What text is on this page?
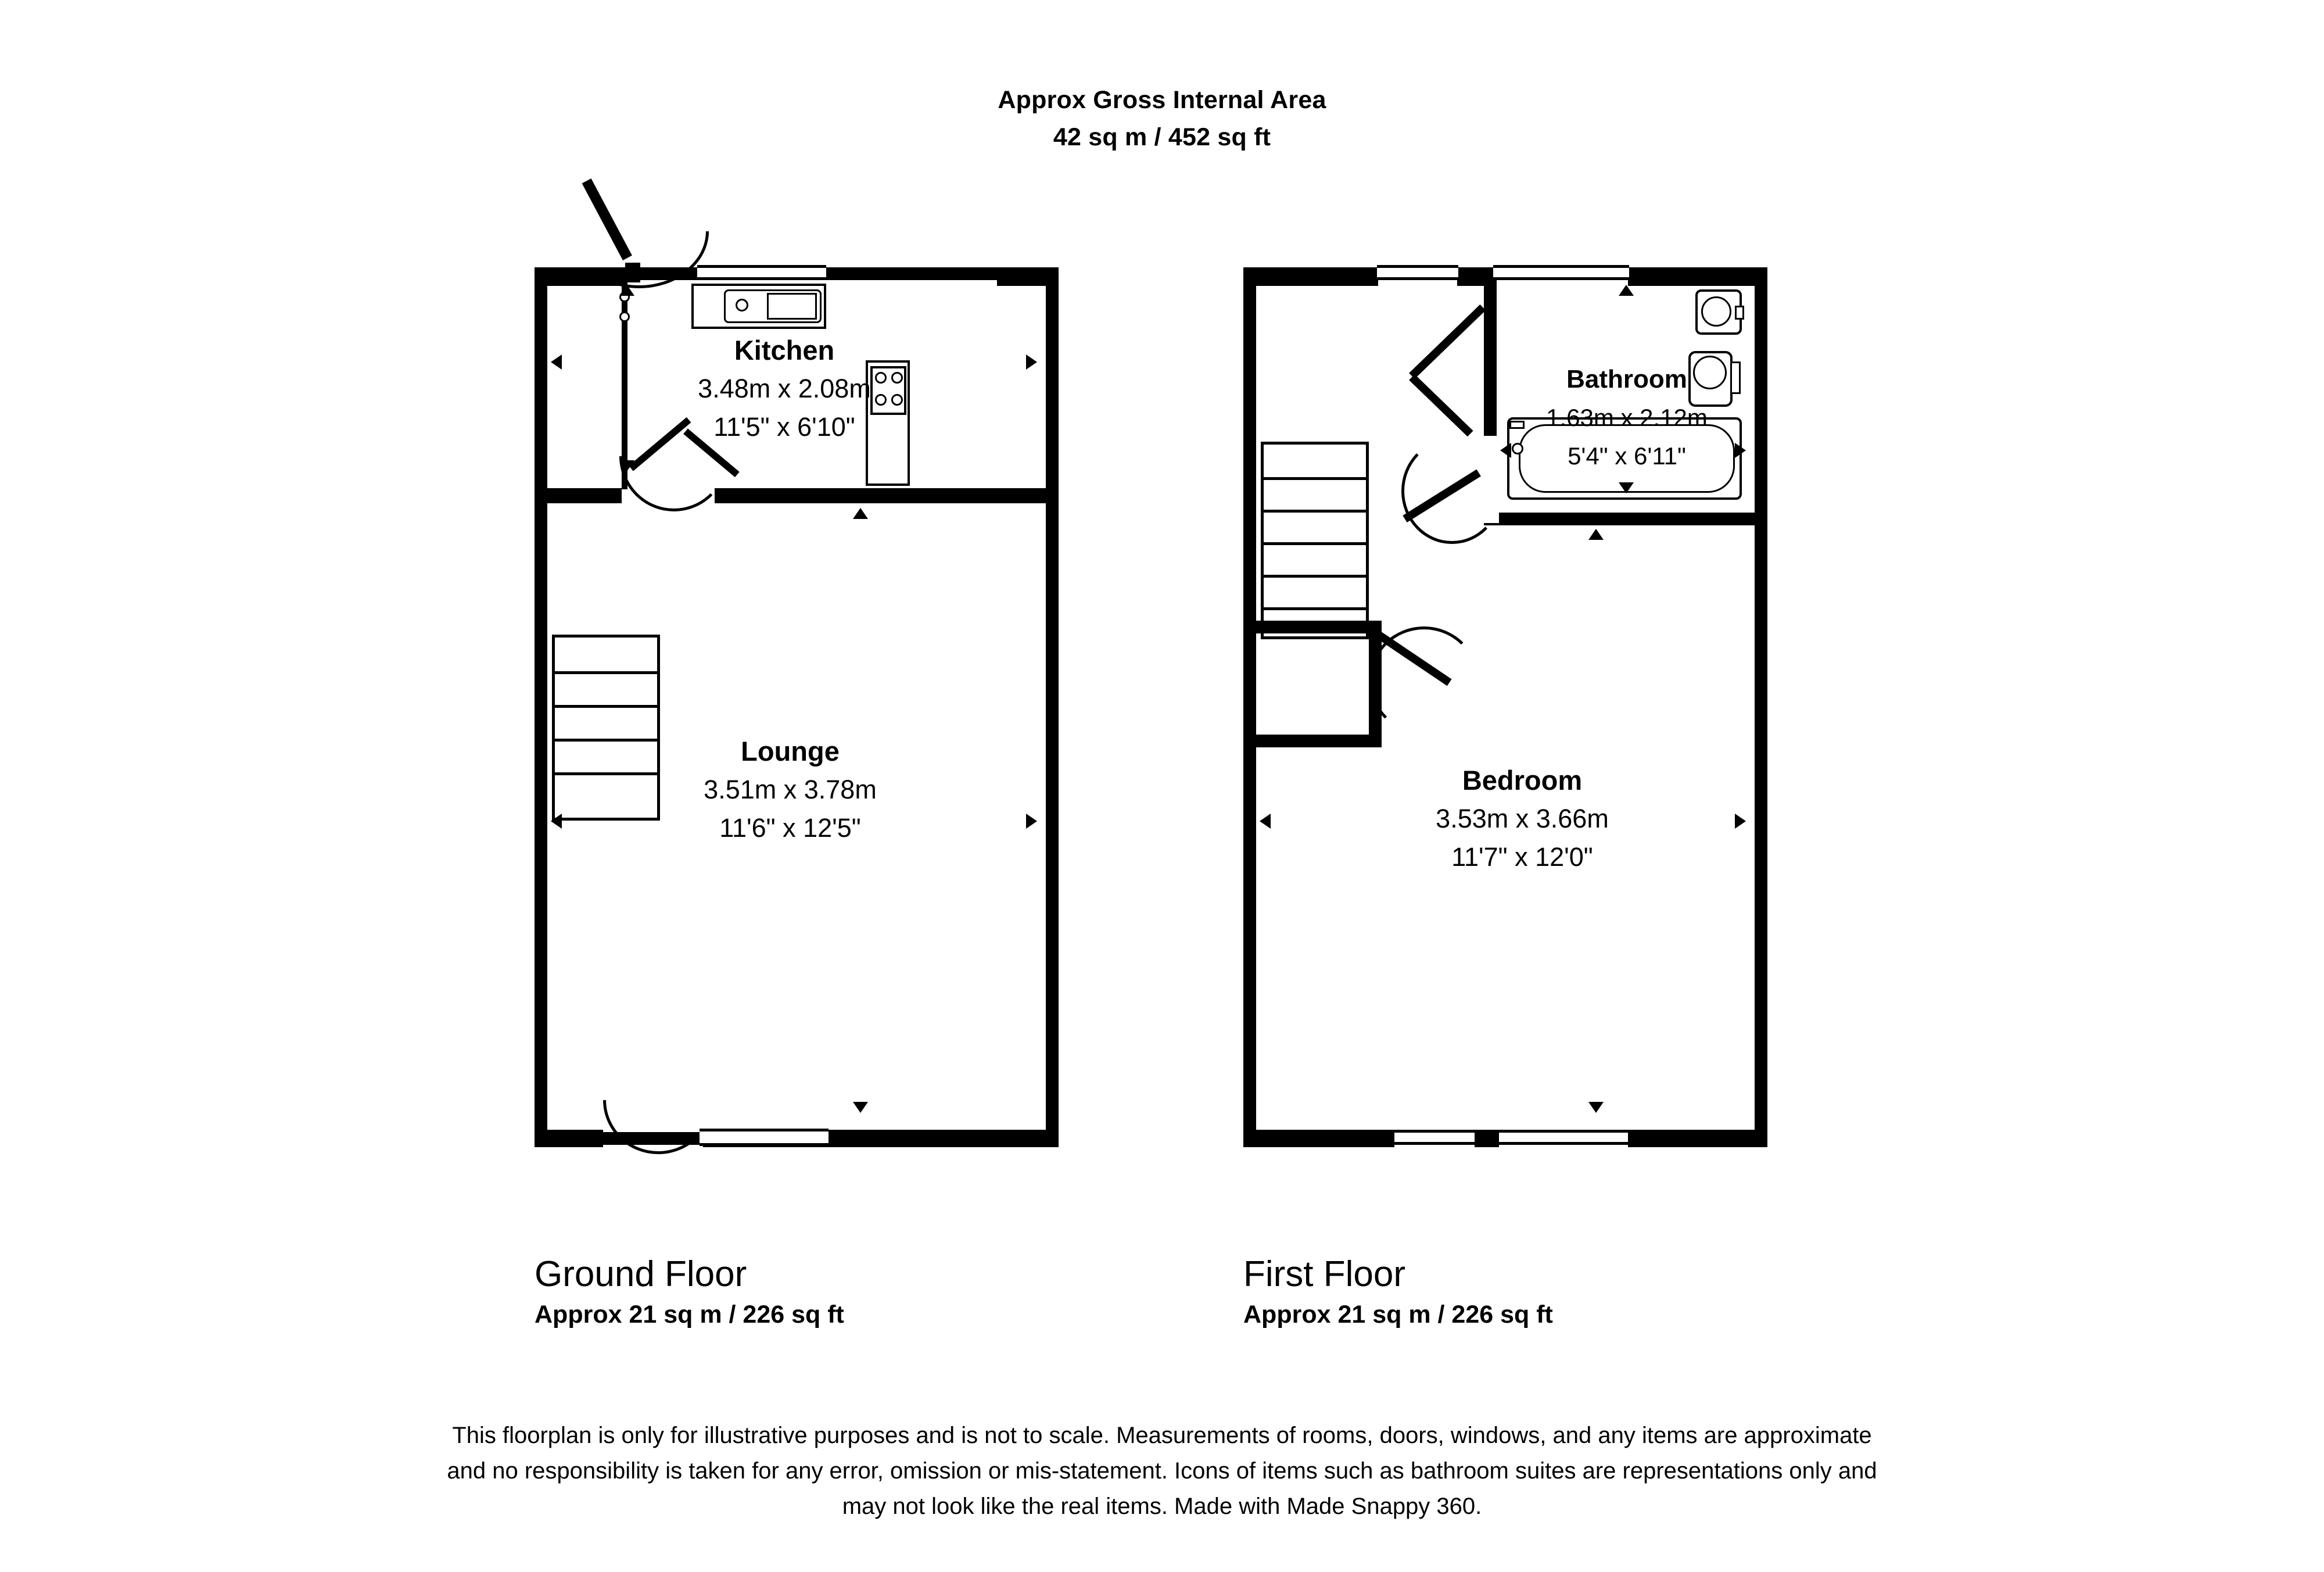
Approx Gross Internal Area
42 sq m / 452 sq ft
Kitchen
3.48m x 2.08m
11'5" x 6'10"
Lounge
3.51m x 3.78m
11'6" x 12'5"
Bathroom
1.63m x 2.12m
5'4" x 6'11"
Bedroom
3.53m x 3.66m
11'7" x 12'0"
Ground Floor
Approx 21 sq m / 226 sq ft
First Floor
Approx 21 sq m / 226 sq ft
This floorplan is only for illustrative purposes and is not to scale. Measurements of rooms, doors, windows, and any items are approximate
and no responsibility is taken for any error, omission or mis-statement. Icons of items such as bathroom suites are representations only and
may not look like the real items. Made with Made Snappy 360.
